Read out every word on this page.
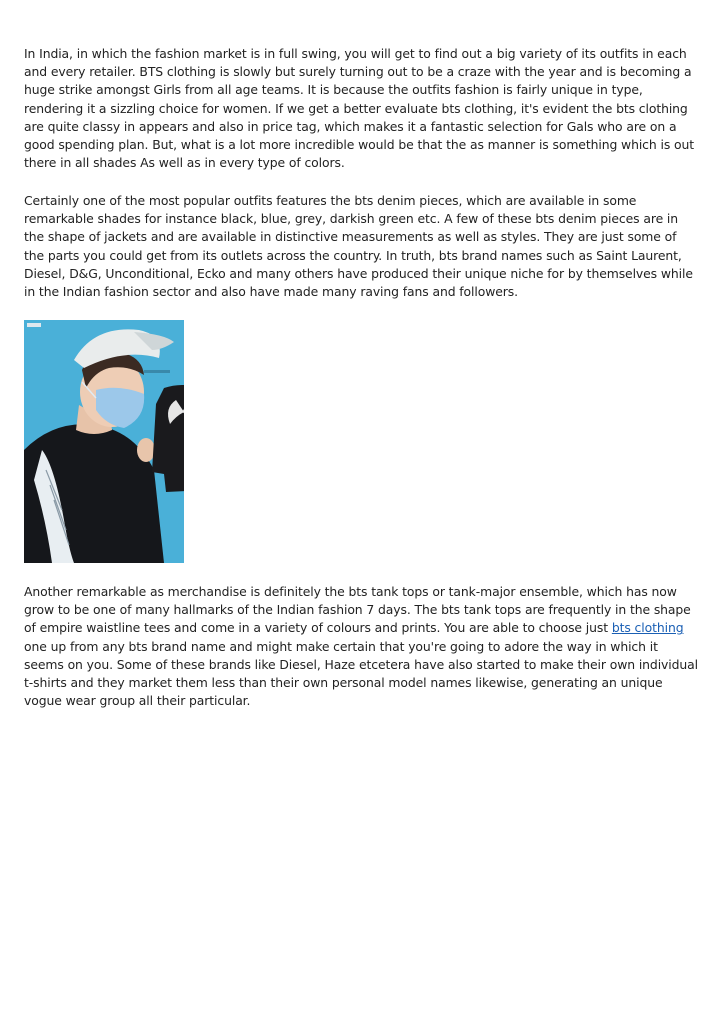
In India, in which the fashion market is in full swing, you will get to find out a big variety of its outfits in each and every retailer. BTS clothing is slowly but surely turning out to be a craze with the year and is becoming a huge strike amongst Girls from all age teams. It is because the outfits fashion is fairly unique in type, rendering it a sizzling choice for women. If we get a better evaluate bts clothing, it's evident the bts clothing are quite classy in appears and also in price tag, which makes it a fantastic selection for Gals who are on a good spending plan. But, what is a lot more incredible would be that the as manner is something which is out there in all shades As well as in every type of colors.

Certainly one of the most popular outfits features the bts denim pieces, which are available in some remarkable shades for instance black, blue, grey, darkish green etc. A few of these bts denim pieces are in the shape of jackets and are available in distinctive measurements as well as styles. They are just some of the parts you could get from its outlets across the country. In truth, bts brand names such as Saint Laurent, Diesel, D&G, Unconditional, Ecko and many others have produced their unique niche for by themselves while in the Indian fashion sector and also have made many raving fans and followers.

Another remarkable as merchandise is definitely the bts tank tops or tank-major ensemble, which has now grow to be one of many hallmarks of the Indian fashion 7 days. The bts tank tops are frequently in the shape of empire waistline tees and come in a variety of colours and prints. You are able to choose just bts clothing one up from any bts brand name and might make certain that you're going to adore the way in which it seems on you. Some of these brands like Diesel, Haze etcetera have also started to make their own individual t-shirts and they market them less than their own personal model names likewise, generating an unique vogue wear group all their particular.
